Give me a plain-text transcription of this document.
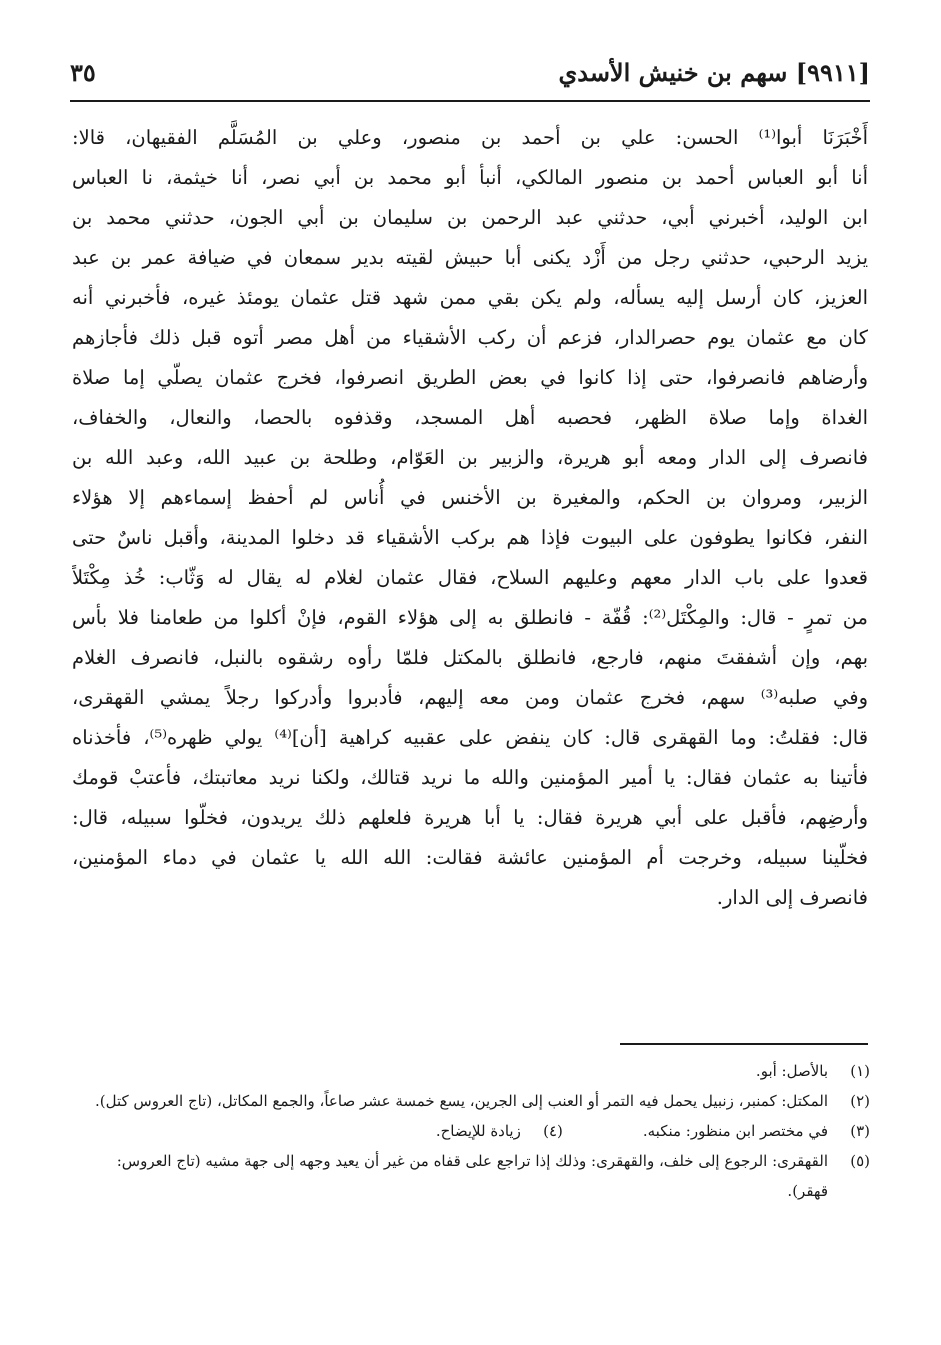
[٩٩١١] سهم بن خنيش الأسدي
٣٥
أَخْبَرَنَا أبوا⁽¹⁾ الحسن: علي بن أحمد بن منصور، وعلي بن المُسَلَّم الفقيهان، قالا:
أنا أبو العباس أحمد بن منصور المالكي، أنبأ أبو محمد بن أبي نصر، أنا خيثمة، نا العباس
ابن الوليد، أخبرني أبي، حدثني عبد الرحمن بن سليمان بن أبي الجون، حدثني محمد بن
يزيد الرحبي، حدثني رجل من أَزْد يكنى أبا حبيش لقيته بدير سمعان في ضيافة عمر بن عبد
العزيز، كان أرسل إليه يسأله، ولم يكن بقي ممن شهد قتل عثمان يومئذ غيره، فأخبرني أنه
كان مع عثمان يوم حصرالدار، فزعم أن ركب الأشقياء من أهل مصر أتوه قبل ذلك فأجازهم
وأرضاهم فانصرفوا، حتى إذا كانوا في بعض الطريق انصرفوا، فخرج عثمان يصلّي إما صلاة
الغداة وإما صلاة الظهر، فحصبه أهل المسجد، وقذفوه بالحصا، والنعال، والخفاف،
فانصرف إلى الدار ومعه أبو هريرة، والزبير بن العَوّام، وطلحة بن عبيد الله، وعبد الله بن
الزبير، ومروان بن الحكم، والمغيرة بن الأخنس في أُناس لم أحفظ إسماءهم إلا هؤلاء
النفر، فكانوا يطوفون على البيوت فإذا هم بركب الأشقياء قد دخلوا المدينة، وأقبل ناسٌ حتى
قعدوا على باب الدار معهم وعليهم السلاح، فقال عثمان لغلام له يقال له وَثّاب: خُذ مِكْتَلاً
من تمرٍ - قال: والمِكْتَل⁽²⁾: قُفّة - فانطلق به إلى هؤلاء القوم، فإنْ أكلوا من طعامنا فلا بأس
بهم، وإن أشفقتَ منهم، فارجع، فانطلق بالمكتل فلمّا رأوه رشقوه بالنبل، فانصرف الغلام
وفي صلبه⁽³⁾ سهم، فخرج عثمان ومن معه إليهم، فأدبروا وأدركوا رجلاً يمشي القهقرى،
قال: فقلتُ: وما القهقرى قال: كان ينفض على عقبيه كراهية [أن]⁽⁴⁾ يولي ظهره⁽⁵⁾، فأخذناه
فأتينا به عثمان فقال: يا أمير المؤمنين والله ما نريد قتالك، ولكنا نريد معاتبتك، فأعتبْ قومك
وأرضِهم، فأقبل على أبي هريرة فقال: يا أبا هريرة فلعلهم ذلك يريدون، فخلّوا سبيله، قال:
فخلّينا سبيله، وخرجت أم المؤمنين عائشة فقالت: الله الله يا عثمان في دماء المؤمنين،
فانصرف إلى الدار.
(١)
بالأصل: أبو.
(٢)
المكتل: كمنبر، زنبيل يحمل فيه التمر أو العنب إلى الجرين، يسع خمسة عشر صاعاً، والجمع المكاتل، (تاج العروس كتل).
(٣)
في مختصر ابن منظور: منكبه.
(٤)
زيادة للإيضاح.
(٥)
القهقرى: الرجوع إلى خلف، والقهقرى: وذلك إذا تراجع على قفاه من غير أن يعيد وجهه إلى جهة مشيه (تاج العروس: قهقر).
